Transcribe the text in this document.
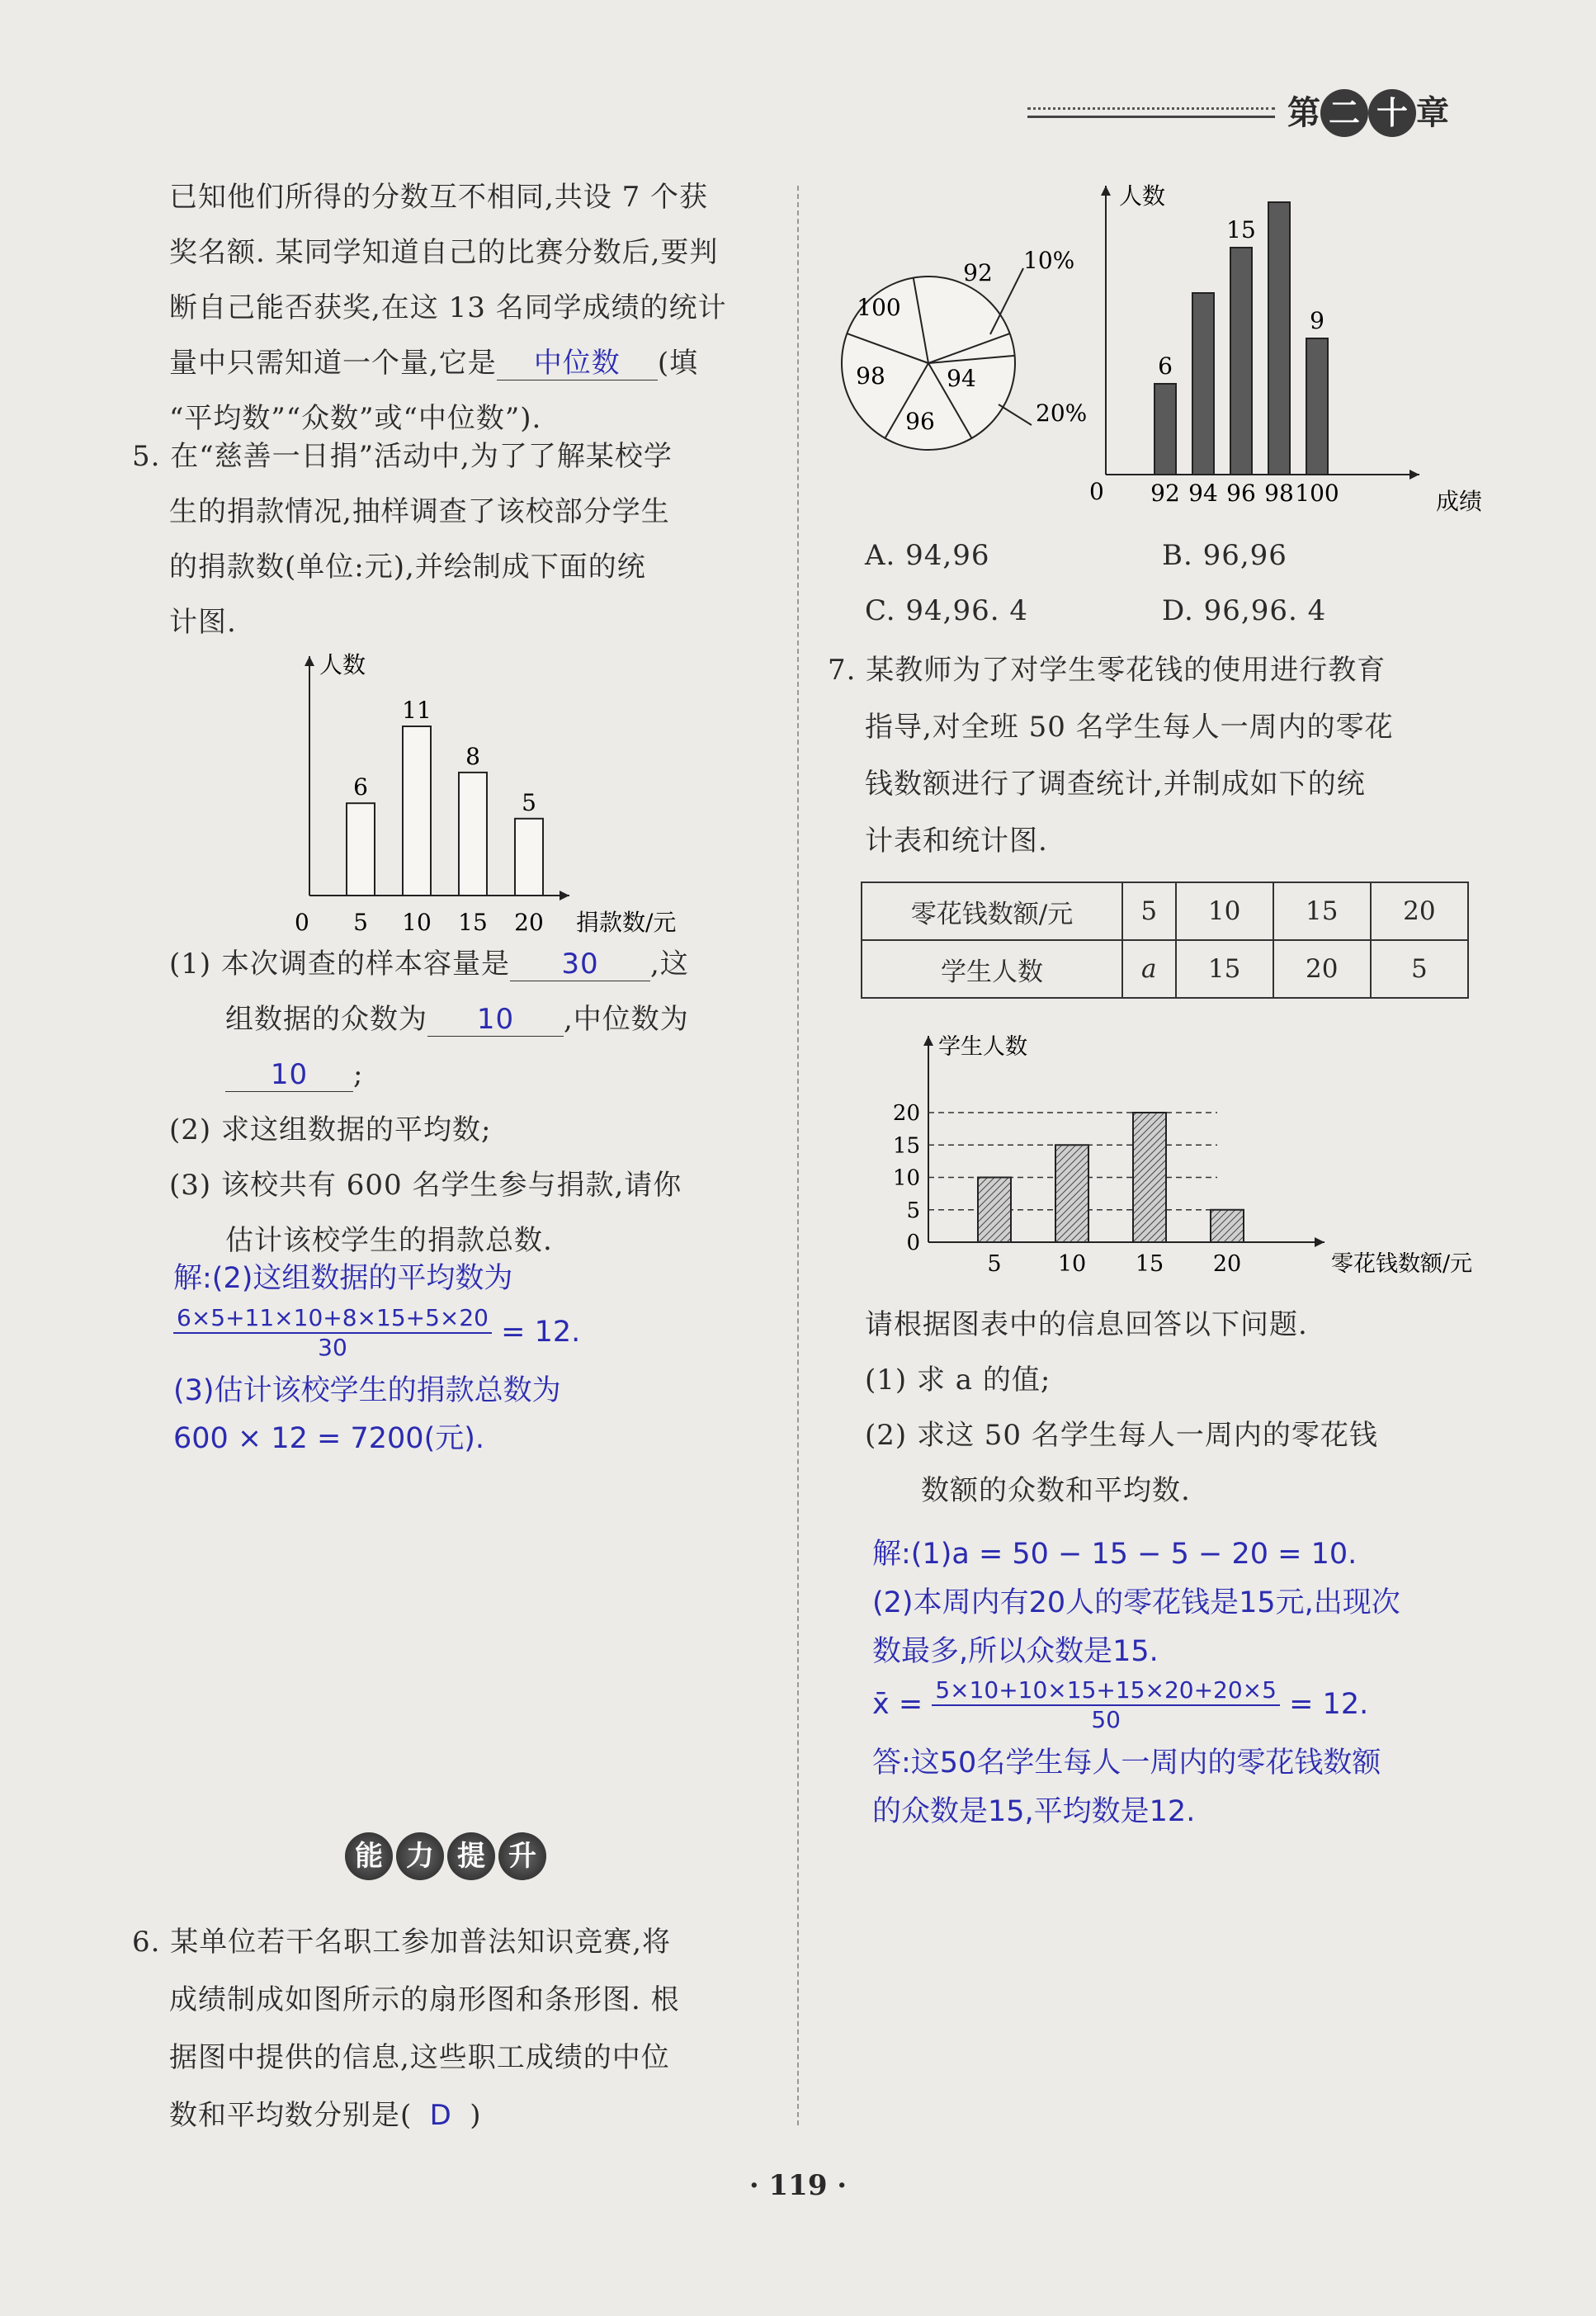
第 二 十 章
已知他们所得的分数互不相同,共设 7 个获
奖名额. 某同学知道自己的比赛分数后,要判
断自己能否获奖,在这 13 名同学成绩的统计
量中只需知道一个量,它是 中位数 (填
“平均数”“众数”或“中位数”).
5. 在“慈善一日捐”活动中,为了了解某校学
生的捐款情况,抽样调查了该校部分学生
的捐款数(单位:元),并绘制成下面的统
计图.
人数
0	捐款数/元
6
5
11
10
8
15
5
20
(1) 本次调查的样本容量是 30 ,这
组数据的众数为 10 ,中位数为
10 ;
(2) 求这组数据的平均数;
(3) 该校共有 600 名学生参与捐款,请你
估计该校学生的捐款总数.
解:(2)这组数据的平均数为
$\frac{6\times 5+11\times 10+8\times 15+5\times 20}{30} = 12$.
(3)估计该校学生的捐款总数为
600 × 12 = 7200(元).
能 力 提 升
6. 某单位若干名职工参加普法知识竞赛,将
成绩制成如图所示的扇形图和条形图. 根
据图中提供的信息,这些职工成绩的中位
数和平均数分别是( D )
100
92
94
96
98
10%
20%
人数
0	成绩
6
92 94
15
96 98
9
100
A. 94,96	B. 96,96
C. 94,96. 4	D. 96,96. 4
7. 某教师为了对学生零花钱的使用进行教育
指导,对全班 50 名学生每人一周内的零花
钱数额进行了调查统计,并制成如下的统
计表和统计图.
零花钱数额/元	5	10	15	20
学生人数	a	15	20	5
学生人数
零花钱数额/元
0
5
10
15
20
5	10 15 20
请根据图表中的信息回答以下问题.
(1) 求 a 的值;
(2) 求这 50 名学生每人一周内的零花钱
数额的众数和平均数.
解:(1)a = 50 − 15 − 5 − 20 = 10.
(2)本周内有20人的零花钱是15元,出现次
数最多,所以众数是15.
x̄ = $\frac{5\times 10+10\times 15+15\times 20+20\times 5}{50} = 12$.
答:这50名学生每人一周内的零花钱数额
的众数是15,平均数是12.
· 119 ·
